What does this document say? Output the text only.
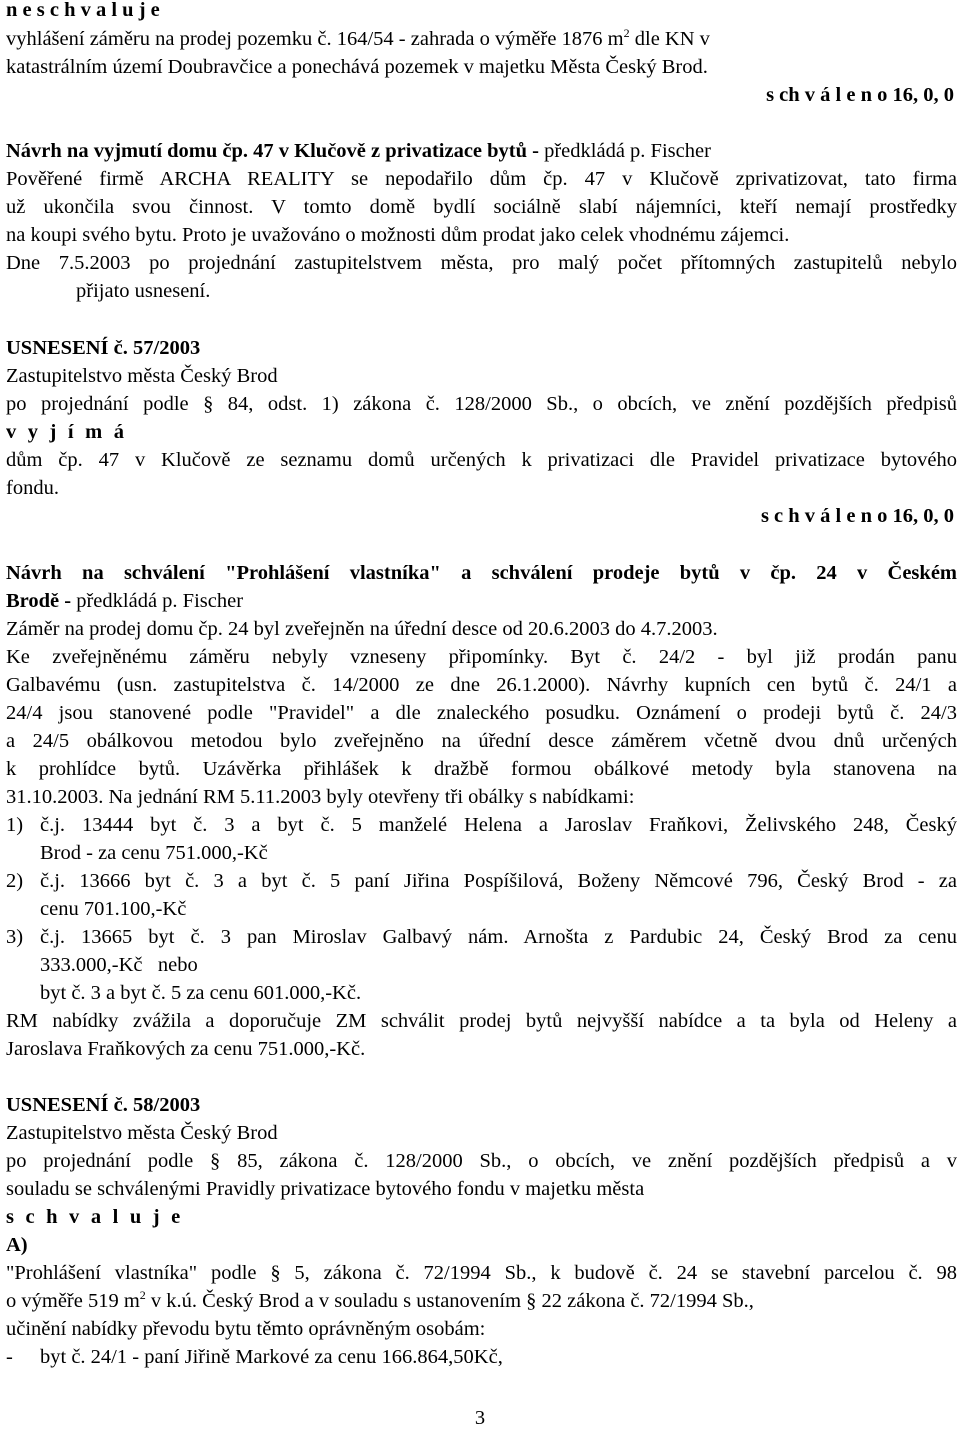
n e s c h v a l u j e
vyhlášení záměru na prodej pozemku č. 164/54 - zahrada o výměře 1876 $m^2$ dle KN v
katastrálním území Doubravčice a ponechává pozemek v majetku Města Český Brod.
s ch v á l e n o 16, 0, 0
Návrh na vyjmutí domu čp. 47 v Klučově z privatizace bytů - předkládá p. Fischer
Pověřené firmě ARCHA REALITY se nepodařilo dům čp. 47 v Klučově zprivatizovat, tato firma
už ukončila svou činnost. V tomto domě bydlí sociálně slabí nájemníci, kteří nemají prostředky
na koupi svého bytu. Proto je uvažováno o možnosti dům prodat jako celek vhodnému zájemci.
Dne 7.5.2003 po projednání zastupitelstvem města, pro malý počet přítomných zastupitelů nebylo
přijato usnesení.
USNESENÍ č. 57/2003
Zastupitelstvo města Český Brod
po projednání podle § 84, odst. 1) zákona č. 128/2000 Sb., o obcích, ve znění pozdějších předpisů
v y j í m á
dům čp. 47 v Klučově ze seznamu domů určených k privatizaci dle Pravidel privatizace bytového
fondu.
s c h v á l e n o 16, 0, 0
Návrh na schválení "Prohlášení vlastníka" a schválení prodeje bytů v čp. 24 v Českém
Brodě - předkládá p. Fischer
Záměr na prodej domu čp. 24 byl zveřejněn na úřední desce od 20.6.2003 do 4.7.2003.
Ke zveřejněnému záměru nebyly vzneseny připomínky. Byt č. 24/2 - byl již prodán panu
Galbavému (usn. zastupitelstva č. 14/2000 ze dne 26.1.2000). Návrhy kupních cen bytů č. 24/1 a
24/4 jsou stanovené podle "Pravidel" a dle znaleckého posudku. Oznámení o prodeji bytů č. 24/3
a 24/5 obálkovou metodou bylo zveřejněno na úřední desce záměrem včetně dvou dnů určených
k prohlídce bytů. Uzávěrka přihlášek k dražbě formou obálkové metody byla stanovena na
31.10.2003. Na jednání RM 5.11.2003 byly otevřeny tři obálky s nabídkami:
1) č.j. 13444 byt č. 3 a byt č. 5 manželé Helena a Jaroslav Fraňkovi, Želivského 248, Český
Brod - za cenu 751.000,-Kč
2) č.j. 13666 byt č. 3 a byt č. 5 paní Jiřina Pospíšilová, Boženy Němcové 796, Český Brod - za
cenu 701.100,-Kč
3) č.j. 13665 byt č. 3 pan Miroslav Galbavý nám. Arnošta z Pardubic 24, Český Brod za cenu
333.000,-Kč   nebo
byt č. 3 a byt č. 5 za cenu 601.000,-Kč.
RM nabídky zvážila a doporučuje ZM schválit prodej bytů nejvyšší nabídce a ta byla od Heleny a
Jaroslava Fraňkových za cenu 751.000,-Kč.
USNESENÍ č. 58/2003
Zastupitelstvo města Český Brod
po projednání podle § 85, zákona č. 128/2000 Sb., o obcích, ve znění pozdějších předpisů a v
souladu se schválenými Pravidly privatizace bytového fondu v majetku města
s c h v a l u j e
A)
"Prohlášení vlastníka" podle § 5, zákona č. 72/1994 Sb., k budově č. 24 se stavební parcelou č. 98
o výměře 519 $m^2$ v k.ú. Český Brod a v souladu s ustanovením § 22 zákona č. 72/1994 Sb.,
učinění nabídky převodu bytu těmto oprávněným osobám:
- byt č. 24/1 - paní Jiřině Markové za cenu 166.864,50Kč,
3
